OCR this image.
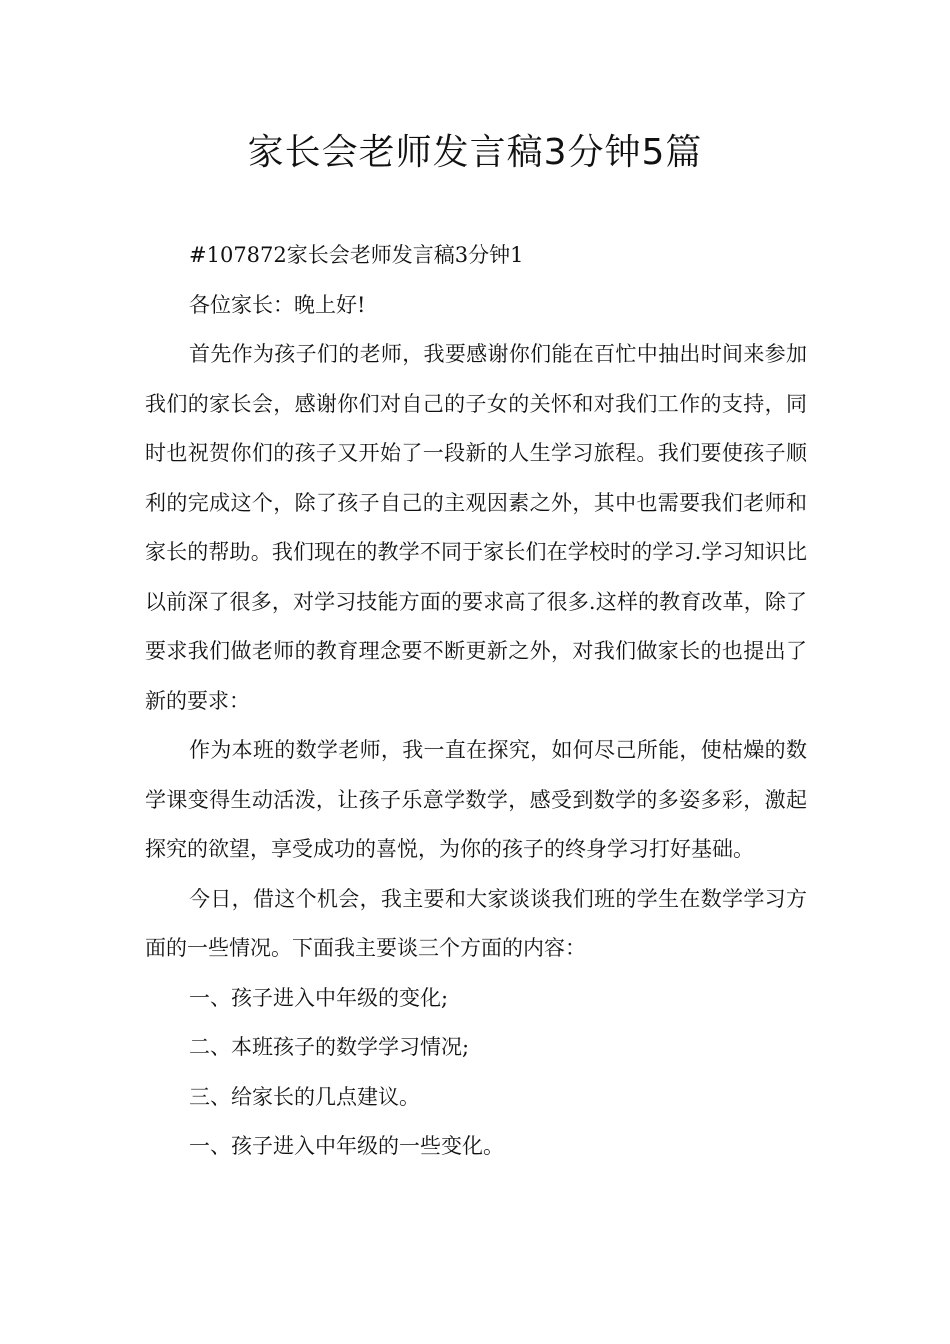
家长会老师发言稿3分钟5篇

#107872家长会老师发言稿3分钟1

各位家长：晚上好!

首先作为孩子们的老师，我要感谢你们能在百忙中抽出时间来参加我们的家长会，感谢你们对自己的子女的关怀和对我们工作的支持，同时也祝贺你们的孩子又开始了一段新的人生学习旅程。我们要使孩子顺利的完成这个，除了孩子自己的主观因素之外，其中也需要我们老师和家长的帮助。我们现在的教学不同于家长们在学校时的学习.学习知识比以前深了很多，对学习技能方面的要求高了很多.这样的教育改革，除了要求我们做老师的教育理念要不断更新之外，对我们做家长的也提出了新的要求：

作为本班的数学老师，我一直在探究，如何尽己所能，使枯燥的数学课变得生动活泼，让孩子乐意学数学，感受到数学的多姿多彩，激起探究的欲望，享受成功的喜悦，为你的孩子的终身学习打好基础。

今日，借这个机会，我主要和大家谈谈我们班的学生在数学学习方面的一些情况。下面我主要谈三个方面的内容：

一、孩子进入中年级的变化;

二、本班孩子的数学学习情况;

三、给家长的几点建议。

一、孩子进入中年级的一些变化。
